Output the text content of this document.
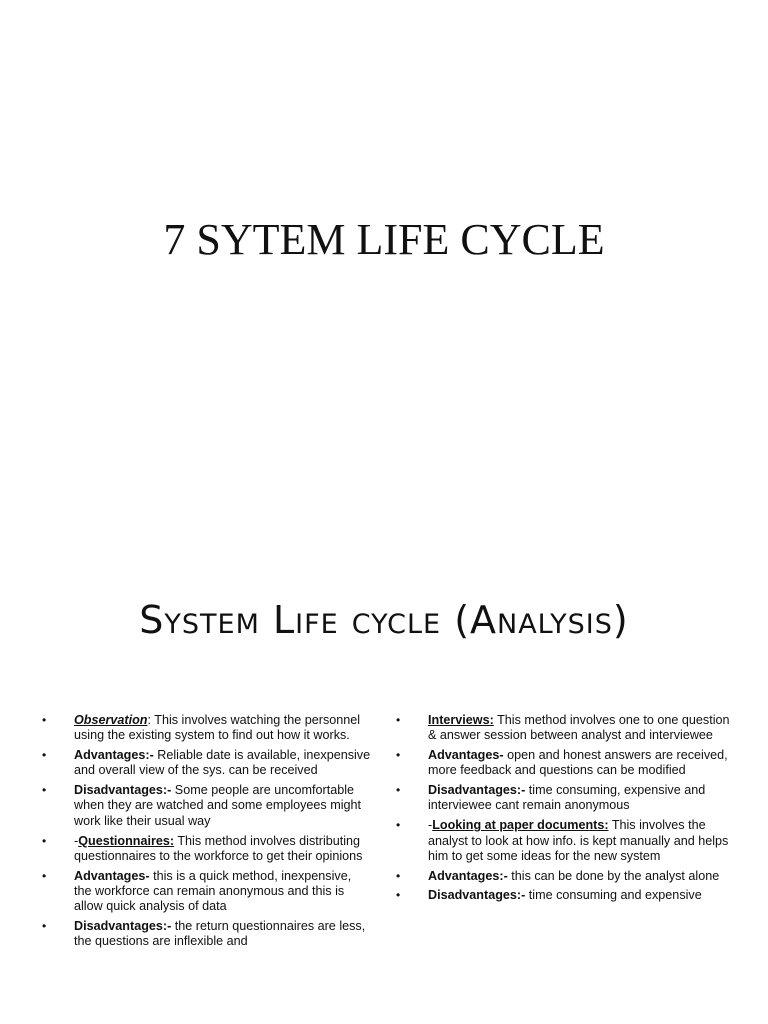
7 SYTEM LIFE CYCLE
System Life cycle (Analysis)
• Observation: This involves watching the personnel using the existing system to find out how it works.
• Advantages:- Reliable date is available, inexpensive and overall view of the sys. can be received
• Disadvantages:- Some people are uncomfortable when they are watched and some employees might work like their usual way
• -Questionnaires: This method involves distributing questionnaires to the workforce to get their opinions
• Advantages- this is a quick method, inexpensive, the workforce can remain anonymous and this is allow quick analysis of data
• Disadvantages:- the return questionnaires are less, the questions are inflexible and
• Interviews: This method involves one to one question & answer session between analyst and interviewee
• Advantages- open and honest answers are received, more feedback and questions can be modified
• Disadvantages:- time consuming, expensive and interviewee cant remain anonymous
• -Looking at paper documents: This involves the analyst to look at how info. is kept manually and helps him to get some ideas for the new system
• Advantages:- this can be done by the analyst alone
• Disadvantages:- time consuming and expensive
